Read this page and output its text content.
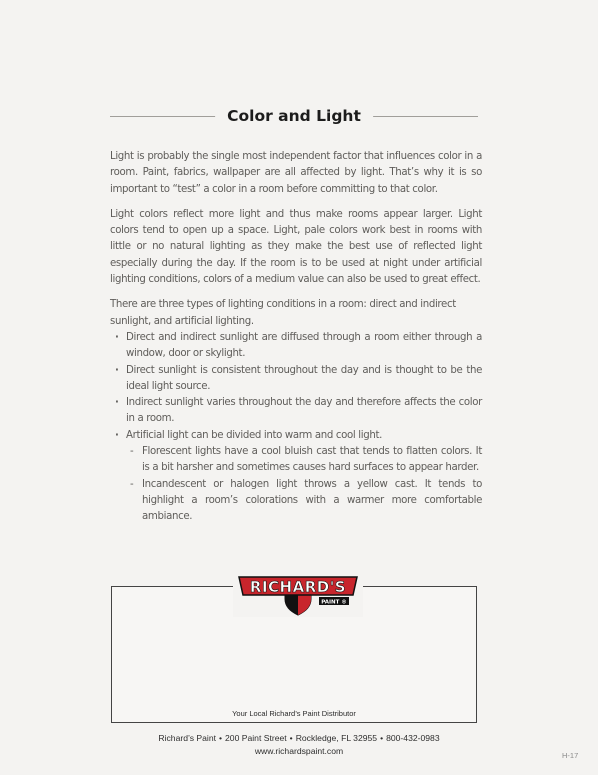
Color and Light

Light is probably the single most independent factor that influences color in a room. Paint, fabrics, wallpaper are all affected by light. That’s why it is so important to “test” a color in a room before committing to that color.

Light colors reflect more light and thus make rooms appear larger. Light colors tend to open up a space. Light, pale colors work best in rooms with little or no natural lighting as they make the best use of reflected light especially during the day. If the room is to be used at night under artificial lighting conditions, colors of a medium value can also be used to great effect.

There are three types of lighting conditions in a room: direct and indirect sunlight, and artificial lighting.

· Direct and indirect sunlight are diffused through a room either through a window, door or skylight.
· Direct sunlight is consistent throughout the day and is thought to be the ideal light source.
· Indirect sunlight varies throughout the day and therefore affects the color in a room.
· Artificial light can be divided into warm and cool light.
- Florescent lights have a cool bluish cast that tends to flatten colors. It is a bit harsher and sometimes causes hard surfaces to appear harder.
- Incandescent or halogen light throws a yellow cast. It tends to highlight a room’s colorations with a warmer more comfortable ambiance.
Your Local Richard’s Paint Distributor
RICHARD'S
PAINT ®
Richard’s Paint • 200 Paint Street • Rockledge, FL 32955 • 800-432-0983
www.richardspaint.com	H-17
